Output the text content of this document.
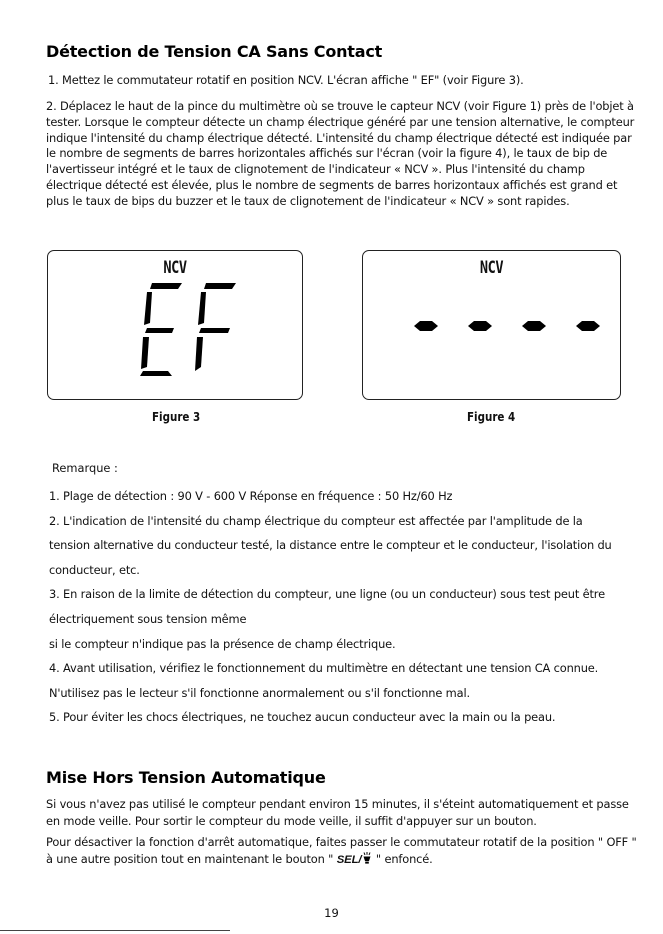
Détection de Tension CA Sans Contact

1. Mettez le commutateur rotatif en position NCV. L'écran affiche " EF" (voir Figure 3).

2. Déplacez le haut de la pince du multimètre où se trouve le capteur NCV (voir Figure 1) près de l'objet à tester. Lorsque le compteur détecte un champ électrique généré par une tension alternative, le compteur indique l'intensité du champ électrique détecté. L'intensité du champ électrique détecté est indiquée par le nombre de segments de barres horizontales affichés sur l'écran (voir la figure 4), le taux de bip de l'avertisseur intégré et le taux de clignotement de l'indicateur « NCV ». Plus l'intensité du champ électrique détecté est élevée, plus le nombre de segments de barres horizontaux affichés est grand et plus le taux de bips du buzzer et le taux de clignotement de l'indicateur « NCV » sont rapides.

NCV	NCV
Figure 3	Figure 4
Remarque :
1. Plage de détection : 90 V - 600 V Réponse en fréquence : 50 Hz/60 Hz
2. L'indication de l'intensité du champ électrique du compteur est affectée par l'amplitude de la
tension alternative du conducteur testé, la distance entre le compteur et le conducteur, l'isolation du
conducteur, etc.
3. En raison de la limite de détection du compteur, une ligne (ou un conducteur) sous test peut être
électriquement sous tension même
si le compteur n'indique pas la présence de champ électrique.
4. Avant utilisation, vérifiez le fonctionnement du multimètre en détectant une tension CA connue.
N'utilisez pas le lecteur s'il fonctionne anormalement ou s'il fonctionne mal.
5. Pour éviter les chocs électriques, ne touchez aucun conducteur avec la main ou la peau.
Mise Hors Tension Automatique

Si vous n'avez pas utilisé le compteur pendant environ 15 minutes, il s'éteint automatiquement et passe en mode veille. Pour sortir le compteur du mode veille, il suffit d'appuyer sur un bouton.

Pour désactiver la fonction d'arrêt automatique, faites passer le commutateur rotatif de la position " OFF " à une autre position tout en maintenant le bouton " SEL/ " enfoncé.

19
